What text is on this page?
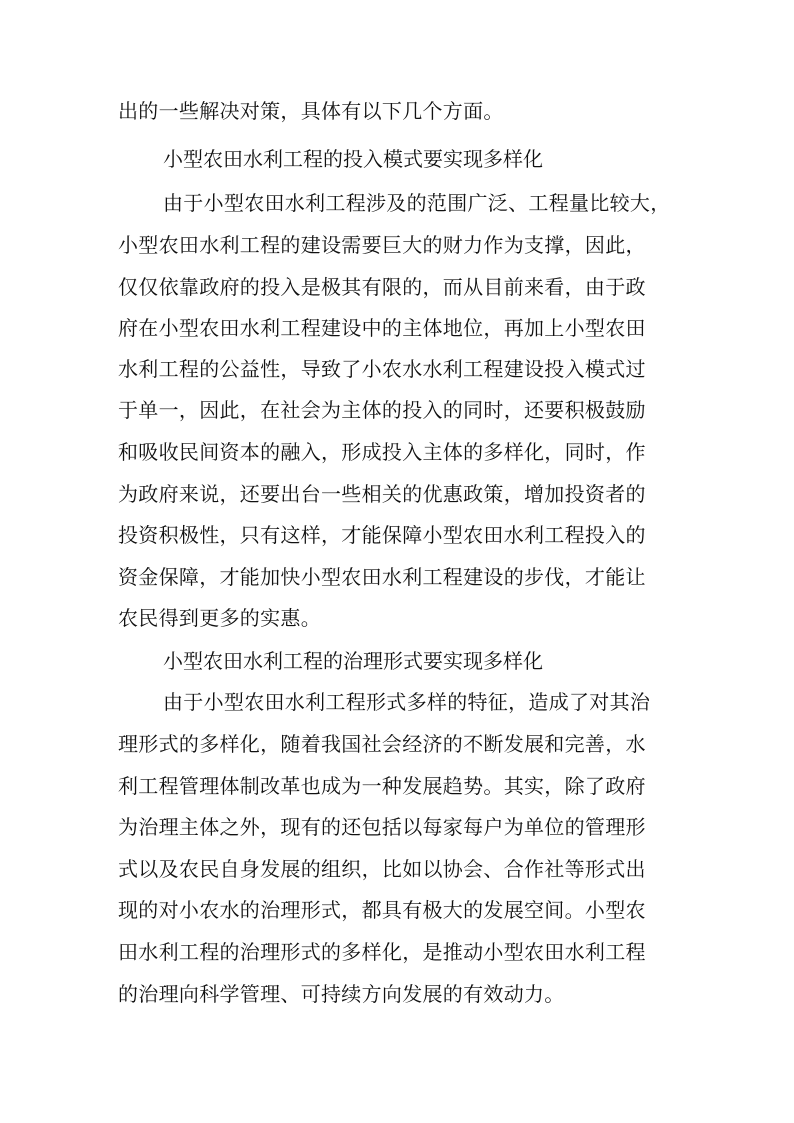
出的一些解决对策，具体有以下几个方面。
小型农田水利工程的投入模式要实现多样化
由于小型农田水利工程涉及的范围广泛、工程量比较大，
小型农田水利工程的建设需要巨大的财力作为支撑，因此，
仅仅依靠政府的投入是极其有限的，而从目前来看，由于政
府在小型农田水利工程建设中的主体地位，再加上小型农田
水利工程的公益性，导致了小农水水利工程建设投入模式过
于单一，因此，在社会为主体的投入的同时，还要积极鼓励
和吸收民间资本的融入，形成投入主体的多样化，同时，作
为政府来说，还要出台一些相关的优惠政策，增加投资者的
投资积极性，只有这样，才能保障小型农田水利工程投入的
资金保障，才能加快小型农田水利工程建设的步伐，才能让
农民得到更多的实惠。
小型农田水利工程的治理形式要实现多样化
由于小型农田水利工程形式多样的特征，造成了对其治
理形式的多样化，随着我国社会经济的不断发展和完善，水
利工程管理体制改革也成为一种发展趋势。其实，除了政府
为治理主体之外，现有的还包括以每家每户为单位的管理形
式以及农民自身发展的组织，比如以协会、合作社等形式出
现的对小农水的治理形式，都具有极大的发展空间。小型农
田水利工程的治理形式的多样化，是推动小型农田水利工程
的治理向科学管理、可持续方向发展的有效动力。
